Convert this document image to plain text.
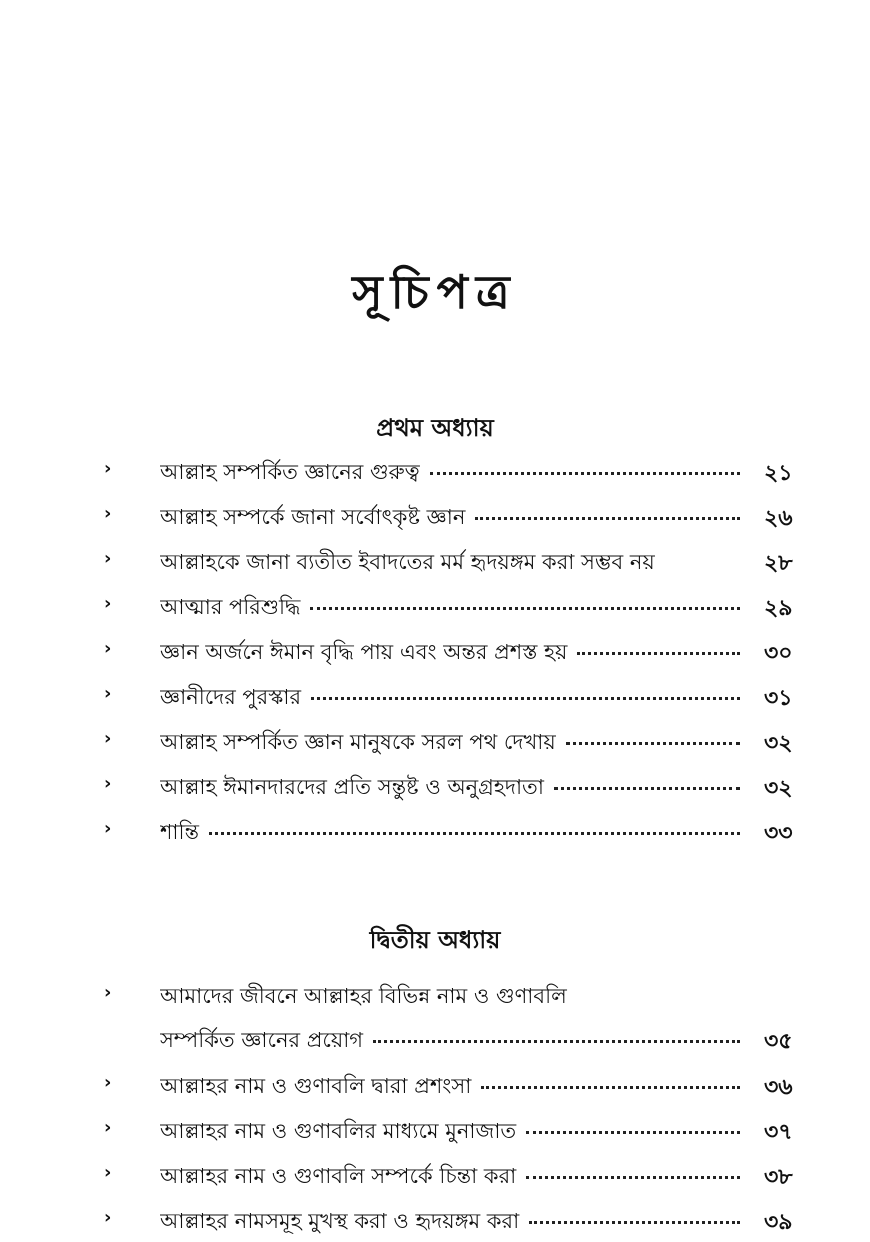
সূচিপত্র
প্রথম অধ্যায়
› আল্লাহ সম্পর্কিত জ্ঞানের গুরুত্ব	২১
› আল্লাহ সম্পর্কে জানা সর্বোৎকৃষ্ট জ্ঞান	২৬
› আল্লাহকে জানা ব্যতীত ইবাদতের মর্ম হৃদয়ঙ্গম করা সম্ভব নয়	২৮
› আত্মার পরিশুদ্ধি	২৯
› জ্ঞান অর্জনে ঈমান বৃদ্ধি পায় এবং অন্তর প্রশস্ত হয়	৩০
› জ্ঞানীদের পুরস্কার	৩১
› আল্লাহ সম্পর্কিত জ্ঞান মানুষকে সরল পথ দেখায়	৩২
› আল্লাহ ঈমানদারদের প্রতি সন্তুষ্ট ও অনুগ্রহদাতা	৩২
› শান্তি	৩৩
দ্বিতীয় অধ্যায়
› আমাদের জীবনে আল্লাহর বিভিন্ন নাম ও গুণাবলি
সম্পর্কিত জ্ঞানের প্রয়োগ	৩৫
› আল্লাহর নাম ও গুণাবলি দ্বারা প্রশংসা	৩৬
› আল্লাহর নাম ও গুণাবলির মাধ্যমে মুনাজাত	৩৭
› আল্লাহর নাম ও গুণাবলি সম্পর্কে চিন্তা করা	৩৮
› আল্লাহর নামসমূহ মুখস্থ করা ও হৃদয়ঙ্গম করা	৩৯
